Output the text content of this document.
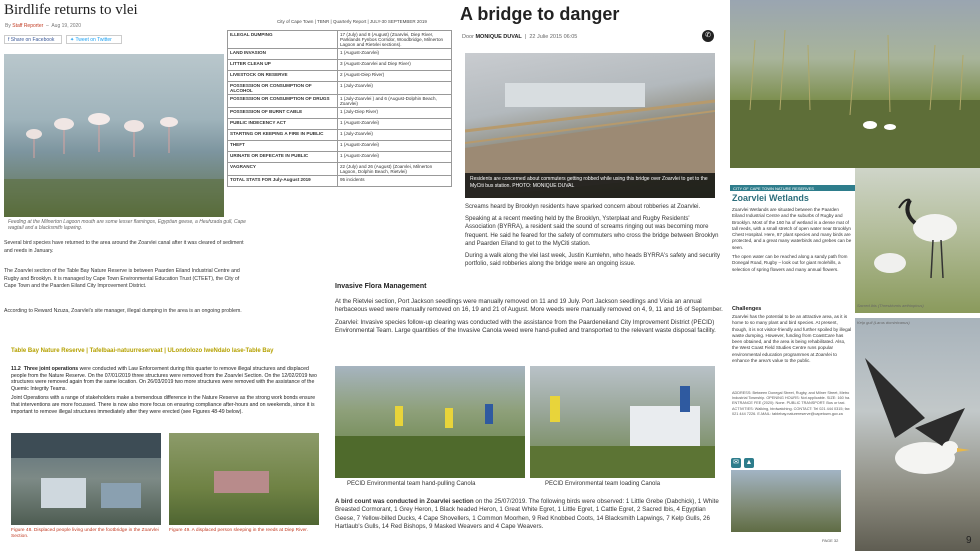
Birdlife returns to vlei
By Staff Reporter  –  Aug 19, 2020
f Share on Facebook	✦ Tweet on Twitter
Feeding at the Milnerton Lagoon mouth are some lesser flamingos, Egyptian geese, a Heuhzada gull, Cape wagtail and a blacksmith lapwing.
Several bird species have returned to the area around the Zoarvlei canal after it was cleared of sediment and reeds in January.
The Zoarvlei section of the Table Bay Nature Reserve is between Paarden Eiland Industrial Centre and Rugby and Brooklyn. It is managed by Cape Town Environmental Education Trust (CTEET), the City of Cape Town and the Paarden Eiland City Improvement District.
According to Reward Nzuza, Zoarvlei's site manager, illegal dumping in the area is an ongoing problem.
City of Cape Town | TBNR | Quarterly Report | JULY-30 SEPTEMBER 2019
ILLEGAL DUMPING	17 (July) and 8 (August) (Zoarvlei, Diep River, Parklands Fynbos Corridor, Woodbridge, Milnerton Lagoon and Rietvlei sections).
LAND INVASION	1 (August-Zoarvlei)
LITTER CLEAN UP	3 (August-Zoarvlei and Diep River)
LIVESTOCK ON RESERVE	2 (August-Diep River)
POSSESSION OR CONSUMPTION OF ALCOHOL	1 (July-Zoarvlei)
POSSESSION OR CONSUMPTION OF DRUGS	1 (July-Zoarvlei ) and 6 (August-Dolphin Beach, Zoarvlei)
POSSESSION OF BURNT CABLE	1 (July-Diep River)
PUBLIC INDECENCY ACT	1 (August-Zoarvlei)
STARTING OR KEEPING A FIRE IN PUBLIC	1 (July-Zoarvlei)
THEFT	1 (August-Zoarvlei)
URINATE OR DEFECATE IN PUBLIC	1 (August-Zoarvlei)
VAGRANCY	22 (July) and 26 (August) (Zoarvlei, Milnerton Lagoon, Dolphin Beach, Rietvlei)
TOTAL STATS FOR July-August 2019	95 incidents
A bridge to danger
Door MONIQUE DUVAL  |  22 Julie 2015 06:05	✆
Residents are concerned about commuters getting robbed while using this bridge over Zoarvlei to get to the MyCiti bus station. PHOTO: MONIQUE DUVAL

Screams heard by Brooklyn residents have sparked concern about robberies at Zoarvlei.

Speaking at a recent meeting held by the Brooklyn, Ysterplaat and Rugby Residents' Association (BYRRA), a resident said the sound of screams ringing out was becoming more frequent. He said he feared for the safety of commuters who cross the bridge between Brooklyn and Paarden Eiland to get to the MyCiti station.

During a walk along the vlei last week, Justin Kumlehn, who heads BYRRA's safety and security portfolio, said robberies along the bridge were an ongoing issue.

Invasive Flora Management

At the Rietvlei section, Port Jackson seedlings were manually removed on 11 and 19 July. Port Jackson seedlings and Vicia an annual herbaceous weed were manually removed on 16, 19 and 21 of August. More weeds were manually removed on 4, 9, 11 and 16 of September.

Zoarvlei: Invasive species follow-up clearing was conducted with the assistance from the Paardeneiland City Improvement District (PECID) Environmental Team. Large quantities of the Invasive Canola weed were hand-pulled and transported to the relevant waste disposal facility.

PECID Environmental team hand-pulling Canola	PECID Environmental team loading Canola
A bird count was conducted in Zoarvlei section on the 25/07/2019. The following birds were observed: 1 Little Grebe (Dabchick), 1 White Breasted Cormorant, 1 Grey Heron, 1 Black headed Heron, 1 Great White Egret, 1 Little Egret, 1 Cattle Egret, 2 Sacred Ibis, 4 Egyptian Geese, 7 Yellow-billed Ducks, 4 Cape Shovellers, 1 Common Moorhen, 9 Red Knobbed Coots, 14 Blacksmith Lapwings, 7 Kelp Gulls, 26 Hartlaub's Gulls, 14 Red Bishops, 9 Masked Weavers and 4 Cape Weavers.
Table Bay Nature Reserve | Tafelbaai-natuurreservaat | ULondolozo lweNdalo lase-Table Bay

11.2 Three joint operations were conducted with Law Enforcement during this quarter to remove illegal structures and displaced people from the Nature Reserve. On the 07/01/2019 three structures were removed from the Zoarvlei Section. On the 12/02/2019 two structures were removed again from the same location. On 26/03/2019 two more structures were removed with the assistance of the Quemic Integrity Teams.

Joint Operations with a range of stakeholders make a tremendous difference in the Nature Reserve as the strong work bonds ensure that interventions are more focussed. There is now also more focus on ensuring compliance after-hours and on weekends, since it is important to remove illegal structures immediately after they were erected (see Figures 48-49 below).

Figure 48. Displaced people living under the footbridge in the Zoarvlei Section.
Figure 49. A displaced person sleeping in the reeds at Diep River.
CITY OF CAPE TOWN NATURE RESERVES
Zoarvlei Wetlands

Zoarvlei Wetlands are situated between the Paarden Eiland Industrial Centre and the suburbs of Rugby and Brooklyn. Most of the 160 ha of wetland is a dense mat of tall reeds, with a small stretch of open water near Brooklyn Chest Hospital. Here, 87 plant species and many birds are protected, and a great many waterbirds and grebes can be seen.

The open water can be reached along a sandy path from Donegal Road, Rugby – look out for giant molehills, a selection of spring flowers and many annual flowers.

Challenges
Zoarvlei has the potential to be an attractive area, as it is home to so many plant and bird species. At present, though, it is not visitor-friendly and further spoiled by illegal waste dumping. However, funding from CoastCare has been obtained, and the area is being rehabilitated. Also, the West Coast Field Studies Centre runs popular environmental education programmes at Zoarvlei to enhance the area's value to the public.
ADDRESS: Between Donegal Street, Rugby, and Milner Street, Metro Industrial Township. OPENING HOURS: Not applicable. SIZE: 160 ha. ENTRANCE FEE (2020): None. PUBLIC TRANSPORT: Bus or taxi. ACTIVITIES: Walking, birdwatching. CONTACT: Tel 021 444 0315; fax 021 444 7226. E-MAIL: tablebay.naturereserve@capetown.gov.za
✉ ▲
PAGE 32
Sacred ibis (Threskiornis aethiopicus)
Kelp gull (Larus dominicanus)
9
